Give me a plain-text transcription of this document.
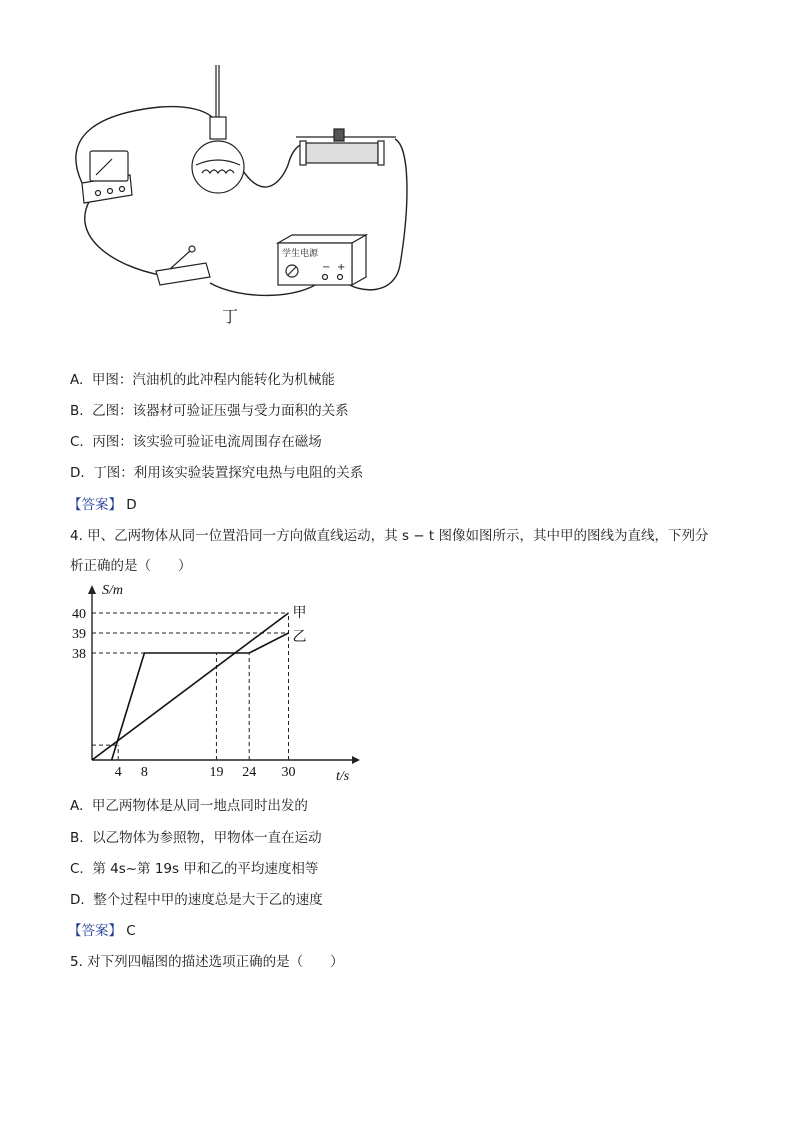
学生电源
− +
丁
A. 甲图：汽油机的此冲程内能转化为机械能
B. 乙图：该器材可验证压强与受力面积的关系
C. 丙图：该实验可验证电流周围存在磁场
D. 丁图：利用该实验装置探究电热与电阻的关系
【答案】 D
4. 甲、乙两物体从同一位置沿同一方向做直线运动，其 s − t 图像如图所示，其中甲的图线为直线，下列分
析正确的是（　　）
S/m
t/s
38
39
40
4 8	19 24 30
甲
乙
A. 甲乙两物体是从同一地点同时出发的
B. 以乙物体为参照物，甲物体一直在运动
C. 第 4s~第 19s 甲和乙的平均速度相等
D. 整个过程中甲的速度总是大于乙的速度
【答案】 C
5. 对下列四幅图的描述选项正确的是（　　）
